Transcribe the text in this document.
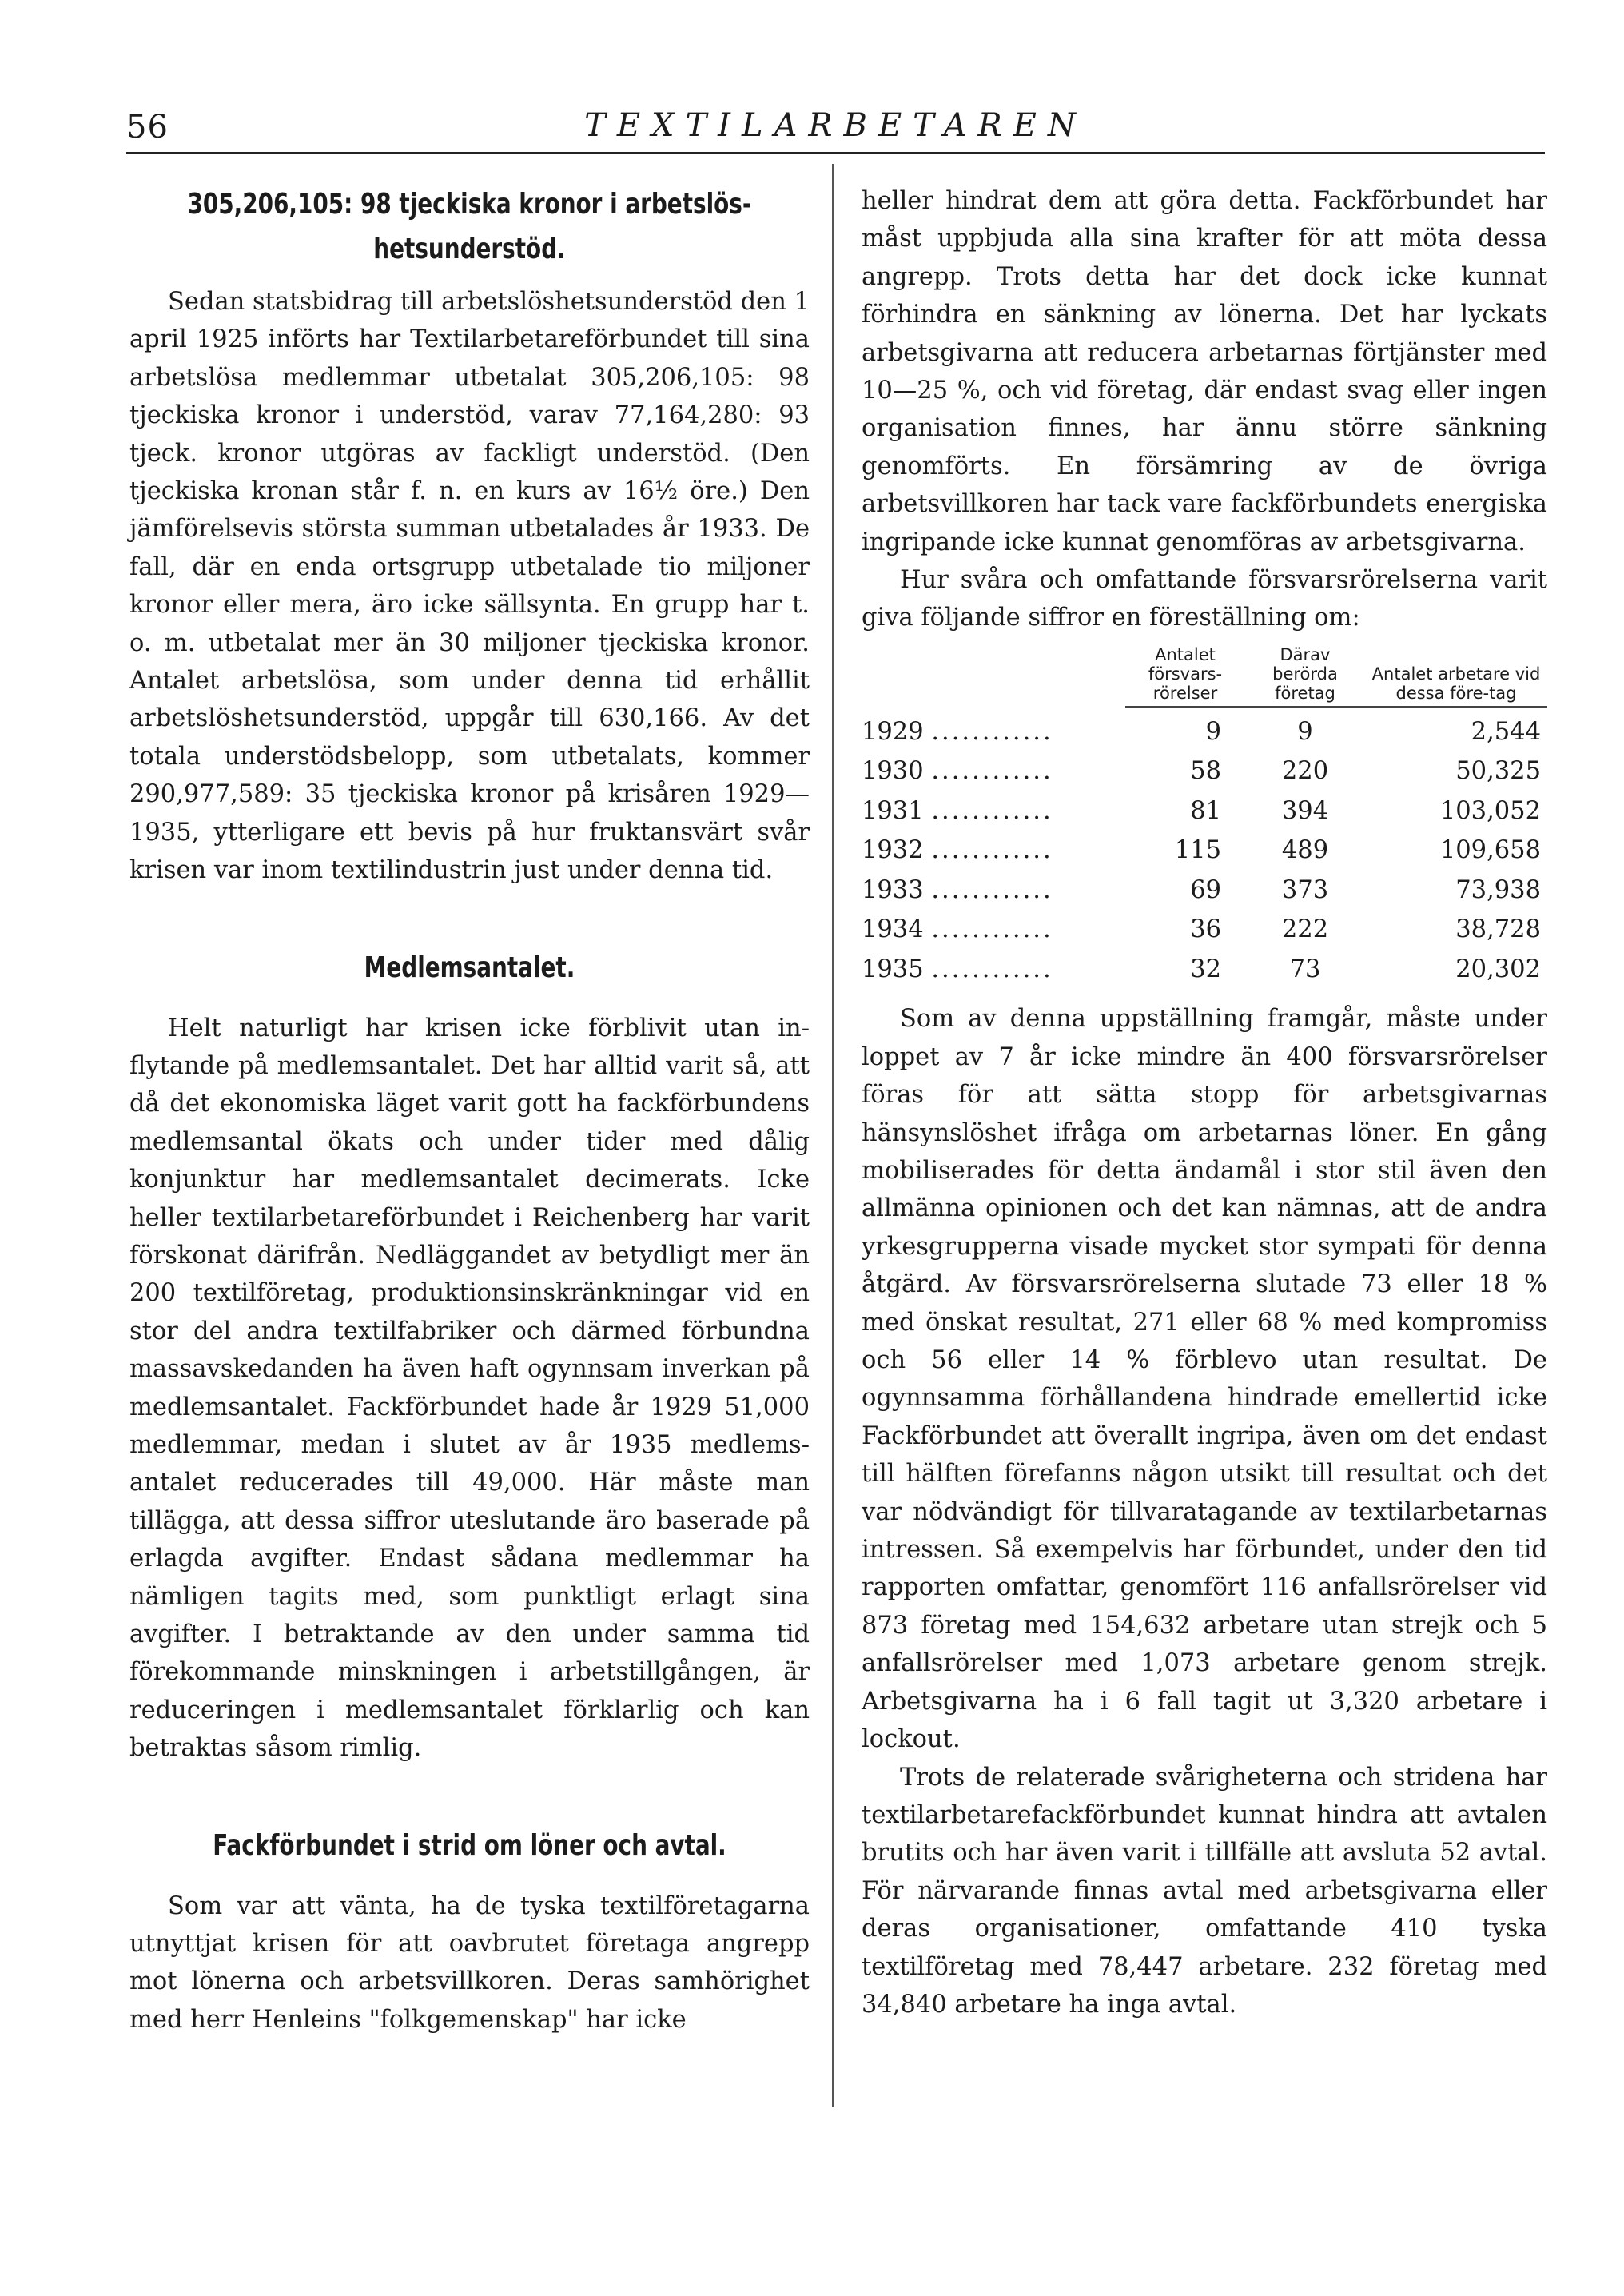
56	TEXTILARBETAREN
305,206,105: 98 tjeckiska kronor i arbetslöshetsunderstöd.

Sedan statsbidrag till arbetslöshetsunderstöd den 1 april 1925 införts har Textilarbetareförbundet till sina arbetslösa medlemmar utbetalat 305,206,105: 98 tjeckiska kronor i understöd, varav 77,164,280: 93 tjeck. kronor utgöras av fackligt understöd. (Den tjeckiska kronan står f. n. en kurs av 16½ öre.) Den jämförelsevis största summan utbetalades år 1933. De fall, där en enda ortsgrupp utbetalade tio miljoner kronor eller mera, äro icke sällsynta. En grupp har t. o. m. utbetalat mer än 30 miljoner tjeckiska kronor. Antalet arbetslösa, som under denna tid erhållit arbetslöshetsunderstöd, uppgår till 630,166. Av det totala understödsbelopp, som utbetalats, kommer 290,977,589: 35 tjeckiska kronor på krisåren 1929—1935, ytterligare ett bevis på hur fruktansvärt svår krisen var inom textilindustrin just under denna tid.

Medlemsantalet.

Helt naturligt har krisen icke förblivit utan inflytande på medlemsantalet. Det har alltid varit så, att då det ekonomiska läget varit gott ha fackförbundens medlemsantal ökats och under tider med dålig konjunktur har medlemsantalet decimerats. Icke heller textilarbetareförbundet i Reichenberg har varit förskonat därifrån. Nedläggandet av betydligt mer än 200 textilföretag, produktionsinskränkningar vid en stor del andra textilfabriker och därmed förbundna massavskedanden ha även haft ogynnsam inverkan på medlemsantalet. Fackförbundet hade år 1929 51,000 medlemmar, medan i slutet av år 1935 medlemsantalet reducerades till 49,000. Här måste man tillägga, att dessa siffror uteslutande äro baserade på erlagda avgifter. Endast sådana medlemmar ha nämligen tagits med, som punktligt erlagt sina avgifter. I betraktande av den under samma tid förekommande minskningen i arbetstillgången, är reduceringen i medlemsantalet förklarlig och kan betraktas såsom rimlig.

Fackförbundet i strid om löner och avtal.

Som var att vänta, ha de tyska textilföretagarna utnyttjat krisen för att oavbrutet företaga angrepp mot lönerna och arbetsvillkoren. Deras samhörighet med herr Henleins "folkgemenskap" har icke

heller hindrat dem att göra detta. Fackförbundet har måst uppbjuda alla sina krafter för att möta dessa angrepp. Trots detta har det dock icke kunnat förhindra en sänkning av lönerna. Det har lyckats arbetsgivarna att reducera arbetarnas förtjänster med 10—25 %, och vid företag, där endast svag eller ingen organisation finnes, har ännu större sänkning genomförts. En försämring av de övriga arbetsvillkoren har tack vare fackförbundets energiska ingripande icke kunnat genomföras av arbetsgivarna.

Hur svåra och omfattande försvarsrörelserna varit giva följande siffror en föreställning om:

	Antalet försvars-rörelser	Därav berörda företag	Antalet arbetare vid dessa före-tag
1929 ............	9	9	2,544
1930 ............	58	220	50,325
1931 ............	81	394	103,052
1932 ............	115	489	109,658
1933 ............	69	373	73,938
1934 ............	36	222	38,728
1935 ............	32	73	20,302

Som av denna uppställning framgår, måste under loppet av 7 år icke mindre än 400 försvarsrörelser föras för att sätta stopp för arbetsgivarnas hänsynslöshet ifråga om arbetarnas löner. En gång mobiliserades för detta ändamål i stor stil även den allmänna opinionen och det kan nämnas, att de andra yrkesgrupperna visade mycket stor sympati för denna åtgärd. Av försvarsrörelserna slutade 73 eller 18 % med önskat resultat, 271 eller 68 % med kompromiss och 56 eller 14 % förblevo utan resultat. De ogynnsamma förhållandena hindrade emellertid icke Fackförbundet att överallt ingripa, även om det endast till hälften förefanns någon utsikt till resultat och det var nödvändigt för tillvaratagande av textilarbetarnas intressen. Så exempelvis har förbundet, under den tid rapporten omfattar, genomfört 116 anfallsrörelser vid 873 företag med 154,632 arbetare utan strejk och 5 anfallsrörelser med 1,073 arbetare genom strejk. Arbetsgivarna ha i 6 fall tagit ut 3,320 arbetare i lockout.

Trots de relaterade svårigheterna och stridena har textilarbetarefackförbundet kunnat hindra att avtalen brutits och har även varit i tillfälle att avsluta 52 avtal. För närvarande finnas avtal med arbetsgivarna eller deras organisationer, omfattande 410 tyska textilföretag med 78,447 arbetare. 232 företag med 34,840 arbetare ha inga avtal.
